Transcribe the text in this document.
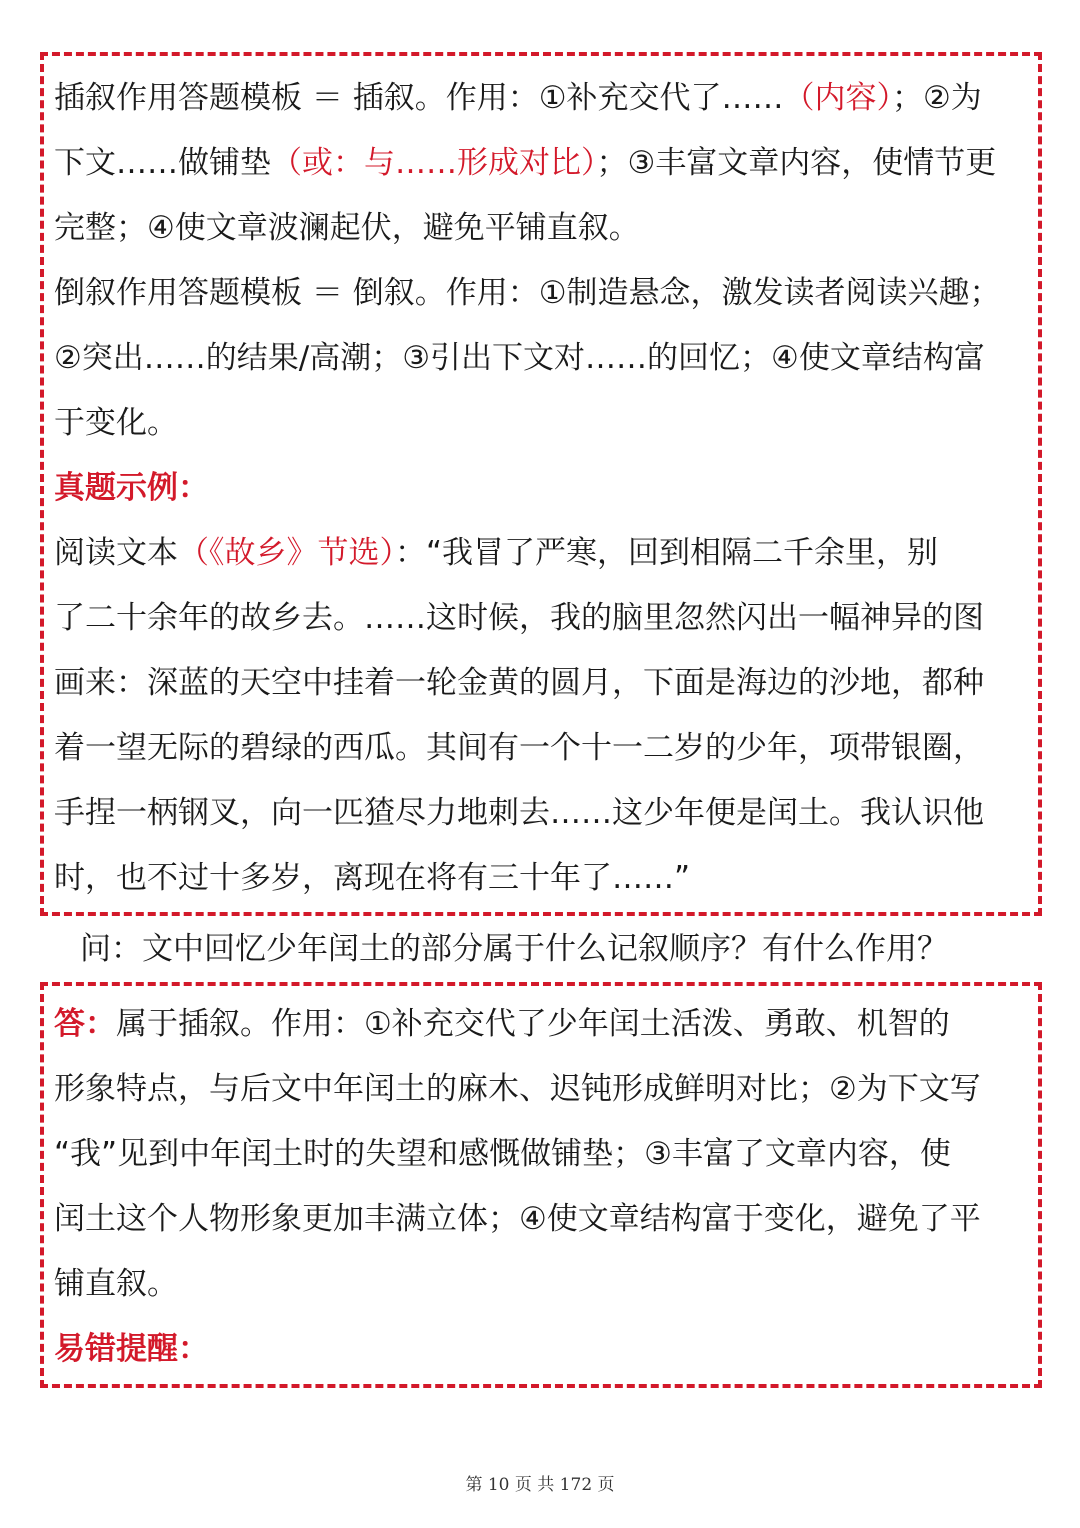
插叙作用答题模板 ＝ 插叙。作用：①补充交代了……（内容）；②为
下文……做铺垫（或：与……形成对比）；③丰富文章内容，使情节更
完整；④使文章波澜起伏，避免平铺直叙。
倒叙作用答题模板 ＝ 倒叙。作用：①制造悬念，激发读者阅读兴趣；
②突出……的结果/高潮；③引出下文对……的回忆；④使文章结构富
于变化。
真题示例：
阅读文本（《故乡》节选）：“我冒了严寒，回到相隔二千余里，别
了二十余年的故乡去。……这时候，我的脑里忽然闪出一幅神异的图
画来：深蓝的天空中挂着一轮金黄的圆月，下面是海边的沙地，都种
着一望无际的碧绿的西瓜。其间有一个十一二岁的少年，项带银圈，
手捏一柄钢叉，向一匹猹尽力地刺去……这少年便是闰土。我认识他
时，也不过十多岁，离现在将有三十年了……”
问：文中回忆少年闰土的部分属于什么记叙顺序？有什么作用？
答：属于插叙。作用：①补充交代了少年闰土活泼、勇敢、机智的
形象特点，与后文中年闰土的麻木、迟钝形成鲜明对比；②为下文写
“我”见到中年闰土时的失望和感慨做铺垫；③丰富了文章内容，使
闰土这个人物形象更加丰满立体；④使文章结构富于变化，避免了平
铺直叙。
易错提醒：
第 10 页 共 172 页
